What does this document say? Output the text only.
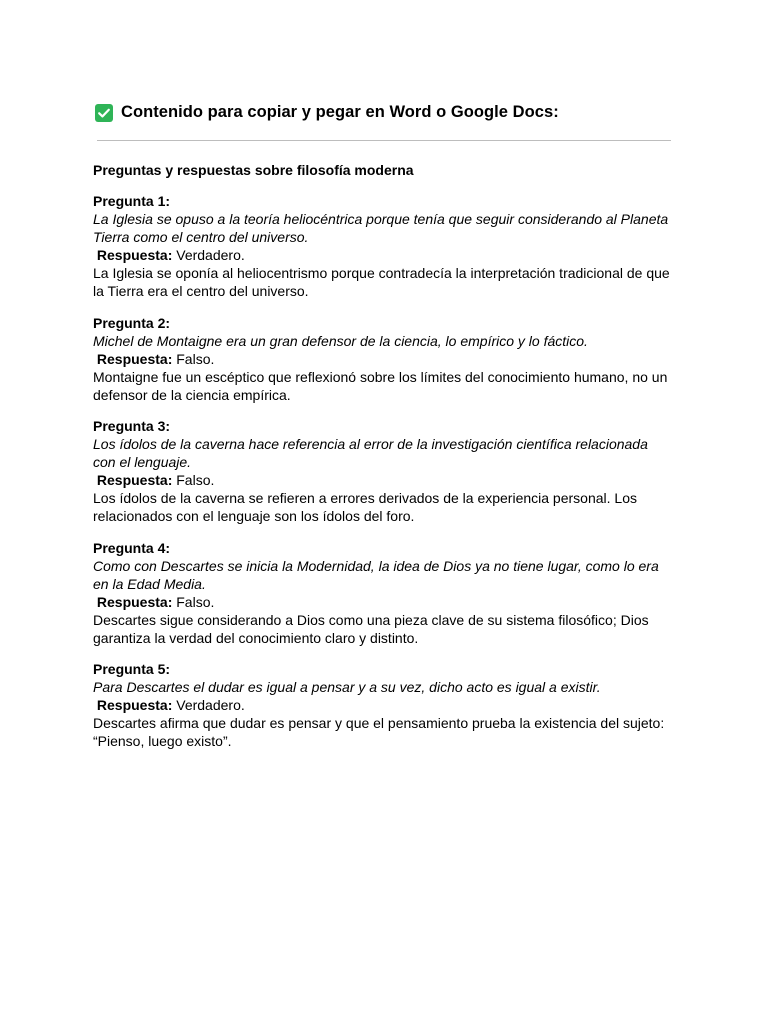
Contenido para copiar y pegar en Word o Google Docs:
Preguntas y respuestas sobre filosofía moderna
Pregunta 1:
La Iglesia se opuso a la teoría heliocéntrica porque tenía que seguir considerando al Planeta Tierra como el centro del universo.
Respuesta: Verdadero.
La Iglesia se oponía al heliocentrismo porque contradecía la interpretación tradicional de que la Tierra era el centro del universo.
Pregunta 2:
Michel de Montaigne era un gran defensor de la ciencia, lo empírico y lo fáctico.
Respuesta: Falso.
Montaigne fue un escéptico que reflexionó sobre los límites del conocimiento humano, no un defensor de la ciencia empírica.
Pregunta 3:
Los ídolos de la caverna hace referencia al error de la investigación científica relacionada con el lenguaje.
Respuesta: Falso.
Los ídolos de la caverna se refieren a errores derivados de la experiencia personal. Los relacionados con el lenguaje son los ídolos del foro.
Pregunta 4:
Como con Descartes se inicia la Modernidad, la idea de Dios ya no tiene lugar, como lo era en la Edad Media.
Respuesta: Falso.
Descartes sigue considerando a Dios como una pieza clave de su sistema filosófico; Dios garantiza la verdad del conocimiento claro y distinto.
Pregunta 5:
Para Descartes el dudar es igual a pensar y a su vez, dicho acto es igual a existir.
Respuesta: Verdadero.
Descartes afirma que dudar es pensar y que el pensamiento prueba la existencia del sujeto: “Pienso, luego existo”.
